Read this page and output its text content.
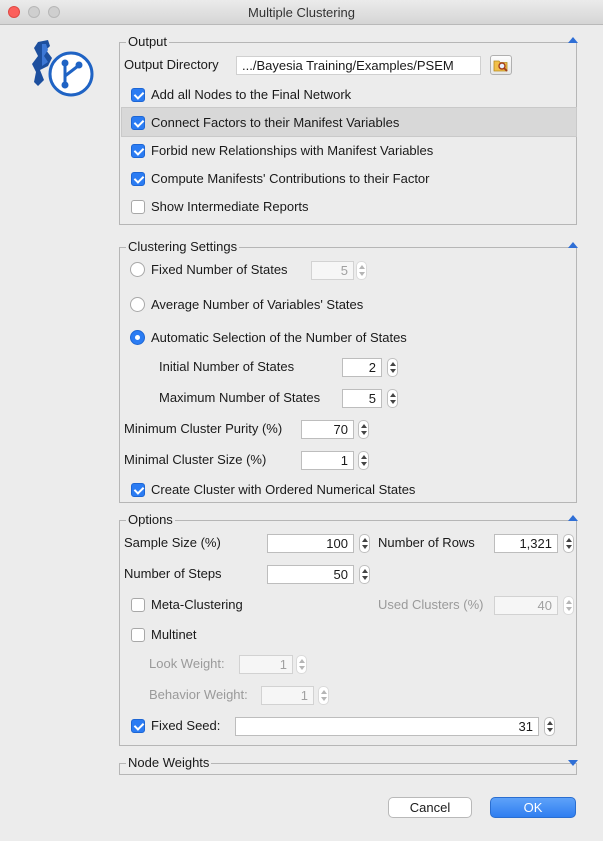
Multiple Clustering
Output
Output Directory	.../Bayesia Training/Examples/PSEM
Add all Nodes to the Final Network
Connect Factors to their Manifest Variables
Forbid new Relationships with Manifest Variables
Compute Manifests' Contributions to their Factor
Show Intermediate Reports
Clustering Settings
Fixed Number of States	5
Average Number of Variables' States
Automatic Selection of the Number of States
Initial Number of States	2
Maximum Number of States	5
Minimum Cluster Purity (%)	70
Minimal Cluster Size (%)	1
Create Cluster with Ordered Numerical States
Options
Sample Size (%)	100	Number of Rows	1,321
Number of Steps	50
Meta-Clustering	Used Clusters (%)	40
Multinet
Look Weight:	1
Behavior Weight:	1
Fixed Seed:	31
Node Weights
Cancel	OK
